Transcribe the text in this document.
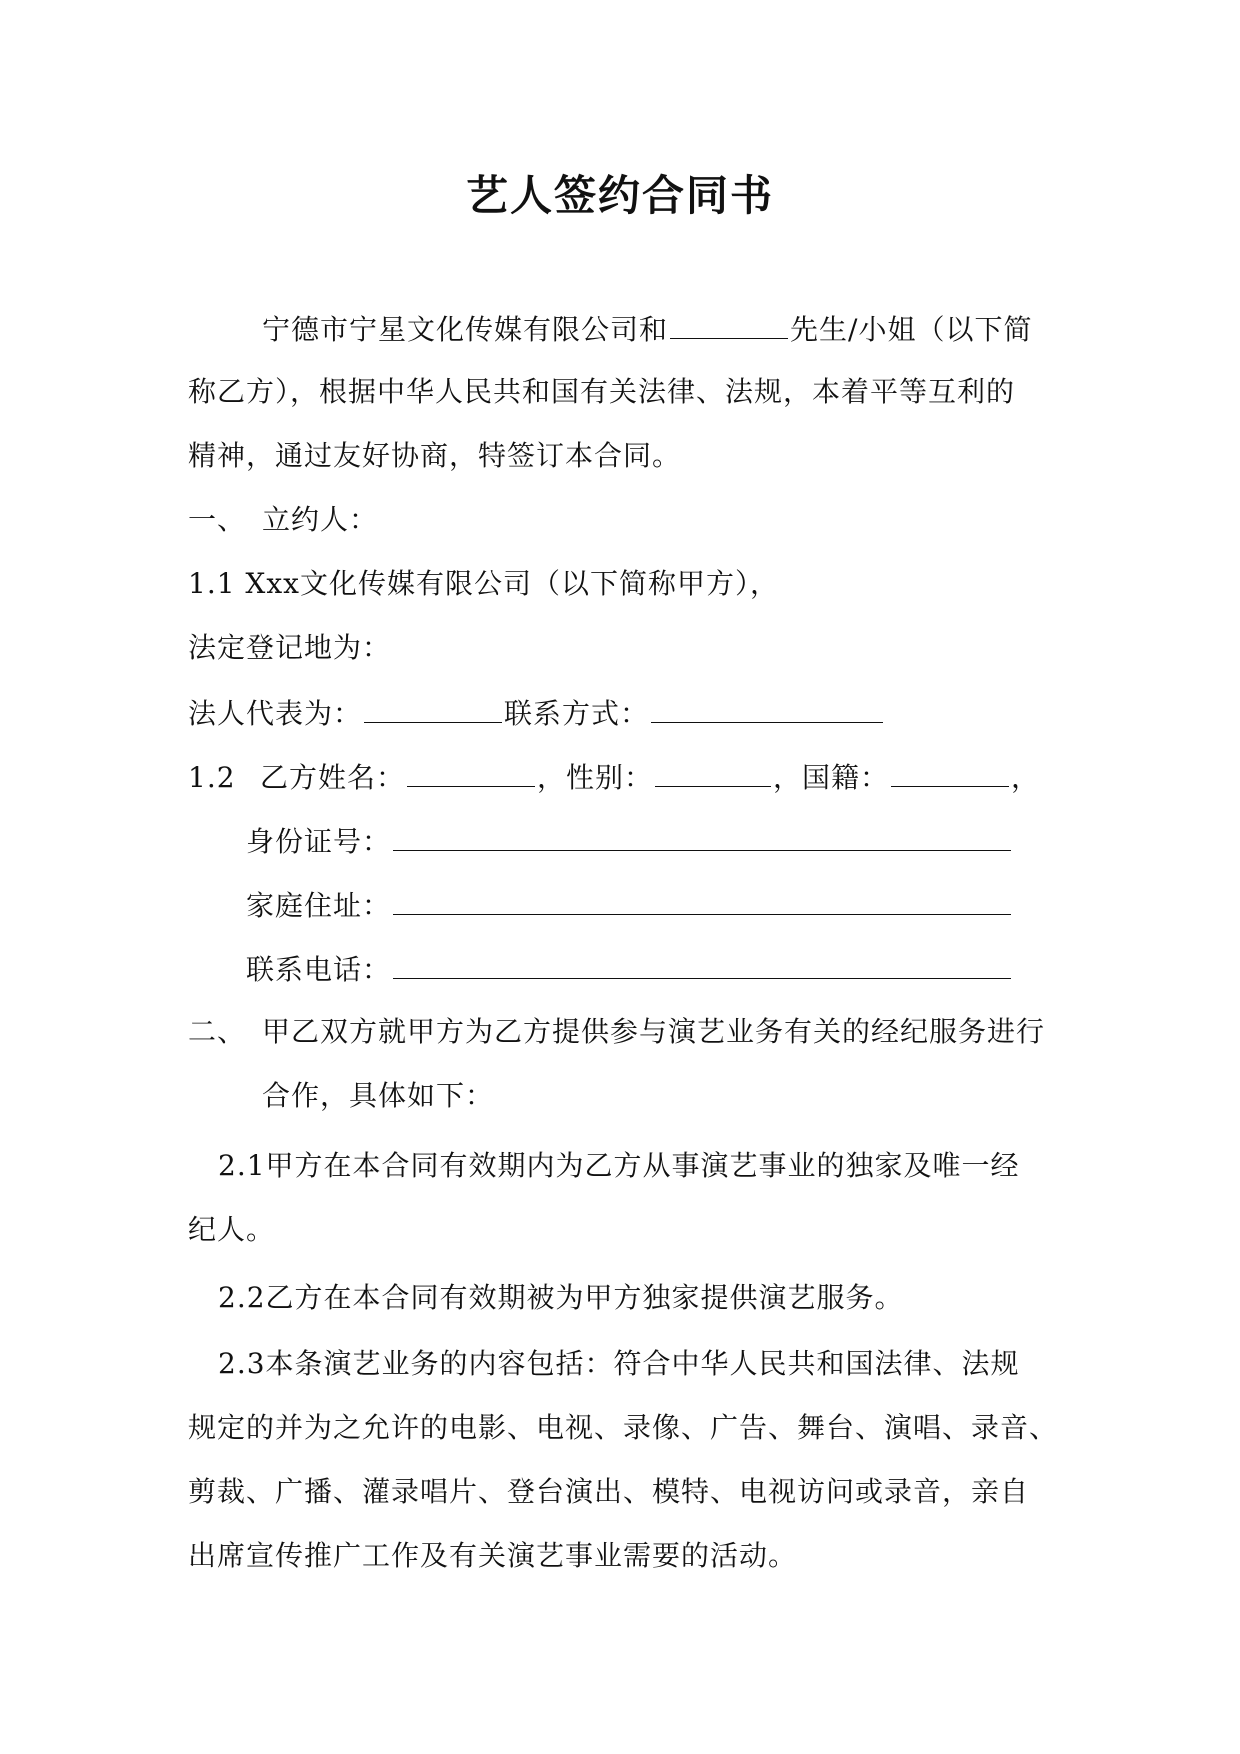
艺人签约合同书
宁德市宁星文化传媒有限公司和	先生/小姐（以下简
称乙方），根据中华人民共和国有关法律、法规，本着平等互利的
精神，通过友好协商，特签订本合同。
一、 立约人：
1.1 Xxx文化传媒有限公司（以下简称甲方），
法定登记地为：
法人代表为：	联系方式：
1.2 乙方姓名：	，性别：	，国籍：	，
身份证号：
家庭住址：
联系电话：
二、 甲乙双方就甲方为乙方提供参与演艺业务有关的经纪服务进行
合作，具体如下：
2.1甲方在本合同有效期内为乙方从事演艺事业的独家及唯一经
纪人。
2.2乙方在本合同有效期被为甲方独家提供演艺服务。
2.3本条演艺业务的内容包括：符合中华人民共和国法律、法规
规定的并为之允许的电影、电视、录像、广告、舞台、演唱、录音、
剪裁、广播、灌录唱片、登台演出、模特、电视访问或录音，亲自
出席宣传推广工作及有关演艺事业需要的活动。
